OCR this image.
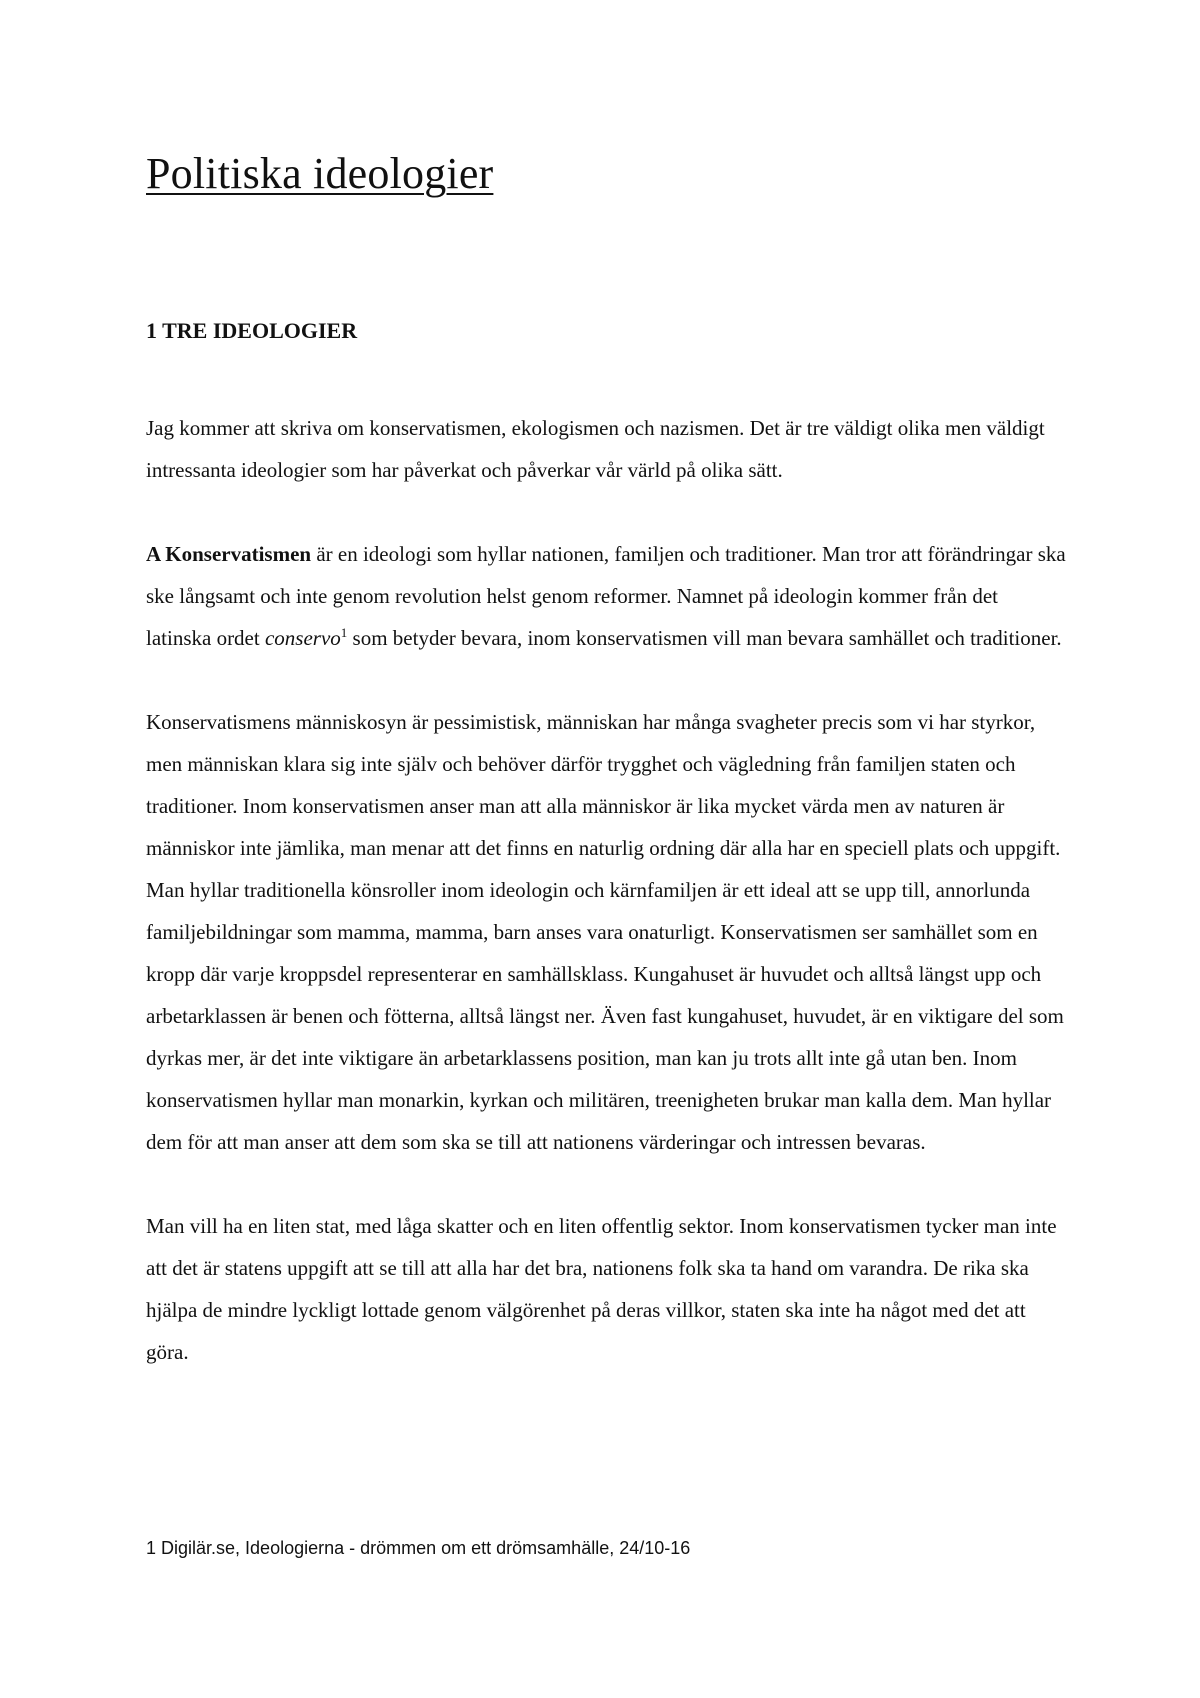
Politiska ideologier
1 TRE IDEOLOGIER

Jag kommer att skriva om konservatismen, ekologismen och nazismen. Det är tre väldigt olika men väldigt intressanta ideologier som har påverkat och påverkar vår värld på olika sätt.

A Konservatismen är en ideologi som hyllar nationen, familjen och traditioner. Man tror att förändringar ska ske långsamt och inte genom revolution helst genom reformer. Namnet på ideologin kommer från det latinska ordet conservo$^1$ som betyder bevara, inom konservatismen vill man bevara samhället och traditioner.

Konservatismens människosyn är pessimistisk, människan har många svagheter precis som vi har styrkor, men människan klara sig inte själv och behöver därför trygghet och vägledning från familjen staten och traditioner. Inom konservatismen anser man att alla människor är lika mycket värda men av naturen är människor inte jämlika, man menar att det finns en naturlig ordning där alla har en speciell plats och uppgift. Man hyllar traditionella könsroller inom ideologin och kärnfamiljen är ett ideal att se upp till, annorlunda familjebildningar som mamma, mamma, barn anses vara onaturligt. Konservatismen ser samhället som en kropp där varje kroppsdel representerar en samhällsklass. Kungahuset är huvudet och alltså längst upp och arbetarklassen är benen och fötterna, alltså längst ner. Även fast kungahuset, huvudet, är en viktigare del som dyrkas mer, är det inte viktigare än arbetarklassens position, man kan ju trots allt inte gå utan ben. Inom konservatismen hyllar man monarkin, kyrkan och militären, treenigheten brukar man kalla dem. Man hyllar dem för att man anser att dem som ska se till att nationens värderingar och intressen bevaras.

Man vill ha en liten stat, med låga skatter och en liten offentlig sektor. Inom konservatismen tycker man inte att det är statens uppgift att se till att alla har det bra, nationens folk ska ta hand om varandra. De rika ska hjälpa de mindre lyckligt lottade genom välgörenhet på deras villkor, staten ska inte ha något med det att göra.

1 Digilär.se, Ideologierna - drömmen om ett drömsamhälle, 24/10-16
